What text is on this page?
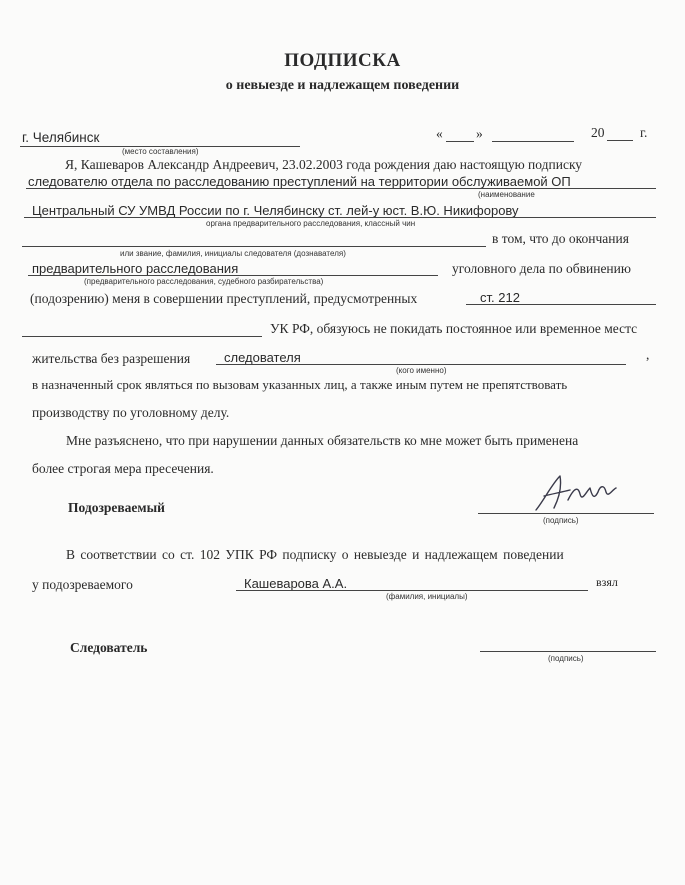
ПОДПИСКА
о невыезде и надлежащем поведении
г. Челябинск
(место составления)
« »	20	г.
Я, Кашеваров Александр Андреевич, 23.02.2003 года рождения даю настоящую подписку
следователю отдела по расследованию преступлений на территории обслуживаемой ОП
(наименование
Центральный СУ УМВД России по г. Челябинску ст. лей-у юст. В.Ю. Никифорову
органа предварительного расследования, классный чин
в том, что до окончания
или звание, фамилия, инициалы следователя (дознавателя)
предварительного расследования	уголовного дела по обвинению
(предварительного расследования, судебного разбирательства)
(подозрению) меня в совершении преступлений, предусмотренных	ст. 212
УК РФ, обязуюсь не покидать постоянное или временное местс
жительства без разрешения	следователя	,
(кого именно)
в назначенный срок являться по вызовам указанных лиц, а также иным путем не препятствовать
производству по уголовному делу.
Мне разъяснено, что при нарушении данных обязательств ко мне может быть применена
более строгая мера пресечения.
Подозреваемый
(подпись)
В соответствии со ст. 102 УПК РФ подписку о невыезде и надлежащем поведении
у подозреваемого	Кашеварова А.А.	взял
(фамилия, инициалы)
Следователь
(подпись)
